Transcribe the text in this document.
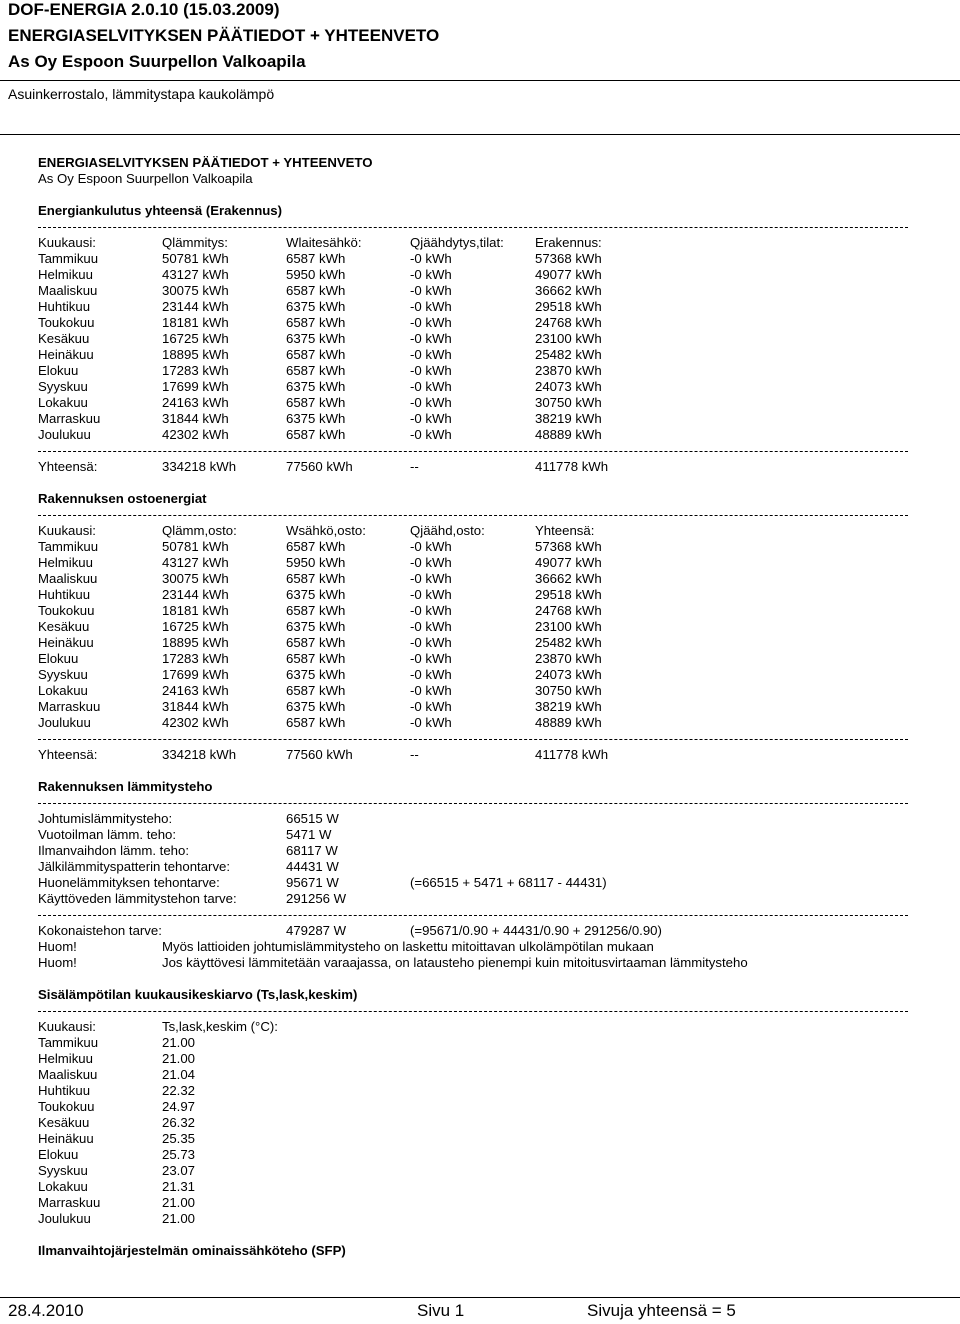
DOF-ENERGIA 2.0.10 (15.03.2009)
ENERGIASELVITYKSEN PÄÄTIEDOT + YHTEENVETO
As Oy Espoon Suurpellon Valkoapila
Asuinkerrostalo, lämmitystapa kaukolämpö
ENERGIASELVITYKSEN PÄÄTIEDOT + YHTEENVETO
As Oy Espoon Suurpellon Valkoapila
Energiankulutus yhteensä (Erakennus)
Kuukausi:	Qlämmitys:	Wlaitesähkö:	Qjäähdytys,tilat: Erakennus:
Tammikuu	50781 kWh	6587 kWh	-0 kWh	57368 kWh
Helmikuu	43127 kWh	5950 kWh	-0 kWh	49077 kWh
Maaliskuu	30075 kWh	6587 kWh	-0 kWh	36662 kWh
Huhtikuu	23144 kWh	6375 kWh	-0 kWh	29518 kWh
Toukokuu	18181 kWh	6587 kWh	-0 kWh	24768 kWh
Kesäkuu	16725 kWh	6375 kWh	-0 kWh	23100 kWh
Heinäkuu	18895 kWh	6587 kWh	-0 kWh	25482 kWh
Elokuu	17283 kWh	6587 kWh	-0 kWh	23870 kWh
Syyskuu	17699 kWh	6375 kWh	-0 kWh	24073 kWh
Lokakuu	24163 kWh	6587 kWh	-0 kWh	30750 kWh
Marraskuu	31844 kWh	6375 kWh	-0 kWh	38219 kWh
Joulukuu	42302 kWh	6587 kWh	-0 kWh	48889 kWh
Yhteensä:	334218 kWh	77560 kWh	--	411778 kWh
Rakennuksen ostoenergiat
Kuukausi:	Qlämm,osto:	Wsähkö,osto:	Qjäähd,osto:	Yhteensä:
Tammikuu	50781 kWh	6587 kWh	-0 kWh	57368 kWh
Helmikuu	43127 kWh	5950 kWh	-0 kWh	49077 kWh
Maaliskuu	30075 kWh	6587 kWh	-0 kWh	36662 kWh
Huhtikuu	23144 kWh	6375 kWh	-0 kWh	29518 kWh
Toukokuu	18181 kWh	6587 kWh	-0 kWh	24768 kWh
Kesäkuu	16725 kWh	6375 kWh	-0 kWh	23100 kWh
Heinäkuu	18895 kWh	6587 kWh	-0 kWh	25482 kWh
Elokuu	17283 kWh	6587 kWh	-0 kWh	23870 kWh
Syyskuu	17699 kWh	6375 kWh	-0 kWh	24073 kWh
Lokakuu	24163 kWh	6587 kWh	-0 kWh	30750 kWh
Marraskuu	31844 kWh	6375 kWh	-0 kWh	38219 kWh
Joulukuu	42302 kWh	6587 kWh	-0 kWh	48889 kWh
Yhteensä:	334218 kWh	77560 kWh	--	411778 kWh
Rakennuksen lämmitysteho
Johtumislämmitysteho:	66515 W
Vuotoilman lämm. teho:	5471 W
Ilmanvaihdon lämm. teho:	68117 W
Jälkilämmityspatterin tehontarve:	44431 W
Huonelämmityksen tehontarve:	95671 W	(=66515 + 5471 + 68117 - 44431)
Käyttöveden lämmitystehon tarve:	291256 W
Kokonaistehon tarve:	479287 W	(=95671/0.90 + 44431/0.90 + 291256/0.90)
Huom!	Myös lattioiden johtumislämmitysteho on laskettu mitoittavan ulkolämpötilan mukaan
Huom!	Jos käyttövesi lämmitetään varaajassa, on latausteho pienempi kuin mitoitusvirtaaman lämmitysteho
Sisälämpötilan kuukausikeskiarvo (Ts,lask,keskim)
Kuukausi:	Ts,lask,keskim (°C):
Tammikuu	21.00
Helmikuu	21.00
Maaliskuu	21.04
Huhtikuu	22.32
Toukokuu	24.97
Kesäkuu	26.32
Heinäkuu	25.35
Elokuu	25.73
Syyskuu	23.07
Lokakuu	21.31
Marraskuu	21.00
Joulukuu	21.00
Ilmanvaihtojärjestelmän ominaissähköteho (SFP)
28.4.2010	Sivu 1	Sivuja yhteensä = 5
